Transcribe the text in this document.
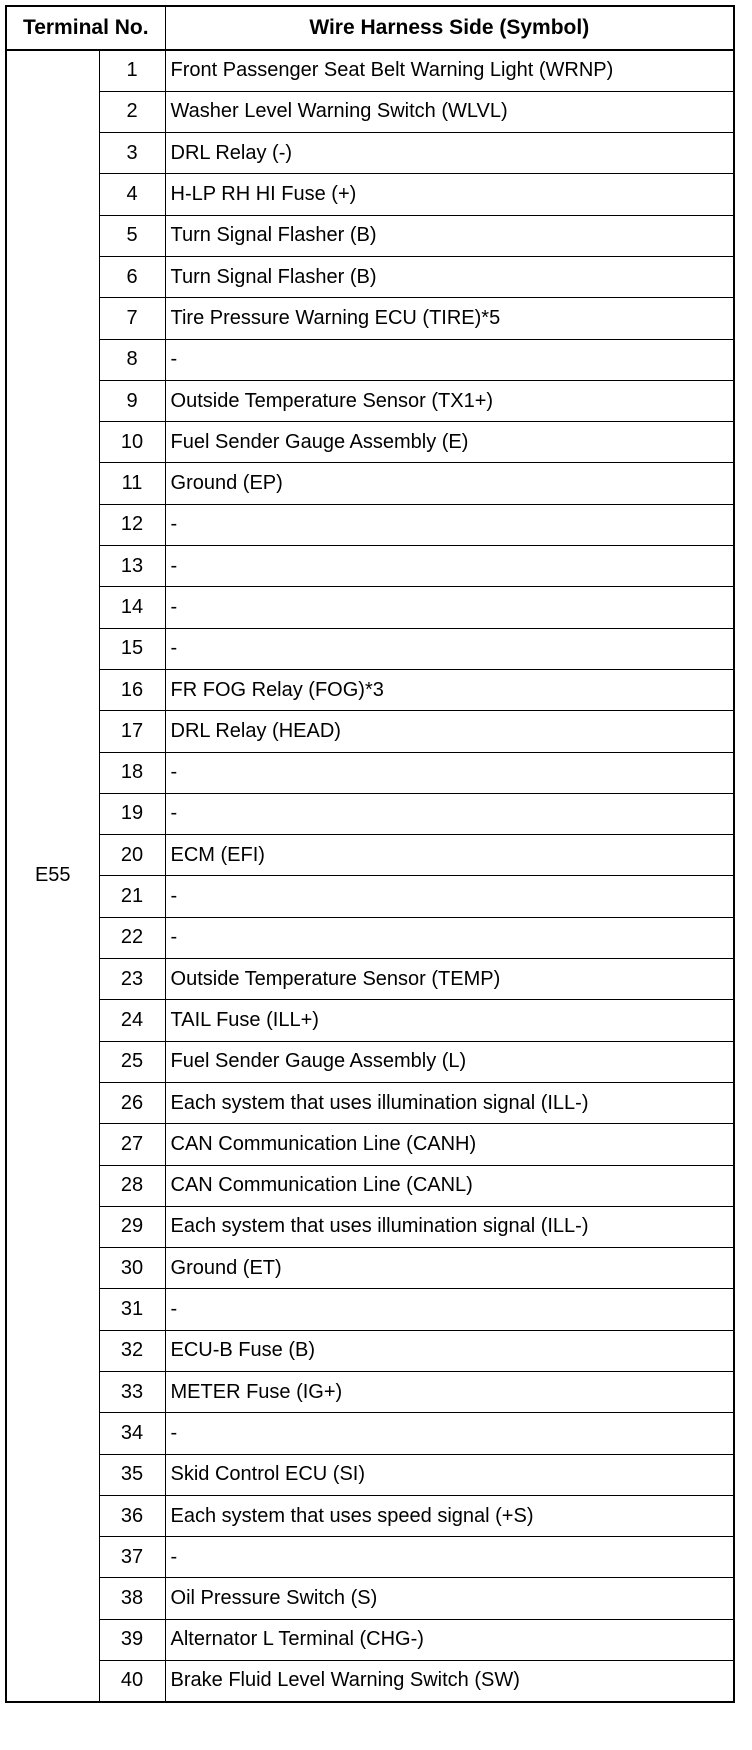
Terminal No.		Wire Harness Side (Symbol)
E55	1	Front Passenger Seat Belt Warning Light (WRNP)
	2	Washer Level Warning Switch (WLVL)
	3	DRL Relay (-)
	4	H-LP RH HI Fuse (+)
	5	Turn Signal Flasher (B)
	6	Turn Signal Flasher (B)
	7	Tire Pressure Warning ECU (TIRE)*5
	8	-
	9	Outside Temperature Sensor (TX1+)
	10	Fuel Sender Gauge Assembly (E)
	11	Ground (EP)
	12	-
	13	-
	14	-
	15	-
	16	FR FOG Relay (FOG)*3
	17	DRL Relay (HEAD)
	18	-
	19	-
	20	ECM (EFI)
	21	-
	22	-
	23	Outside Temperature Sensor (TEMP)
	24	TAIL Fuse (ILL+)
	25	Fuel Sender Gauge Assembly (L)
	26	Each system that uses illumination signal (ILL-)
	27	CAN Communication Line (CANH)
	28	CAN Communication Line (CANL)
	29	Each system that uses illumination signal (ILL-)
	30	Ground (ET)
	31	-
	32	ECU-B Fuse (B)
	33	METER Fuse (IG+)
	34	-
	35	Skid Control ECU (SI)
	36	Each system that uses speed signal (+S)
	37	-
	38	Oil Pressure Switch (S)
	39	Alternator L Terminal (CHG-)
	40	Brake Fluid Level Warning Switch (SW)
